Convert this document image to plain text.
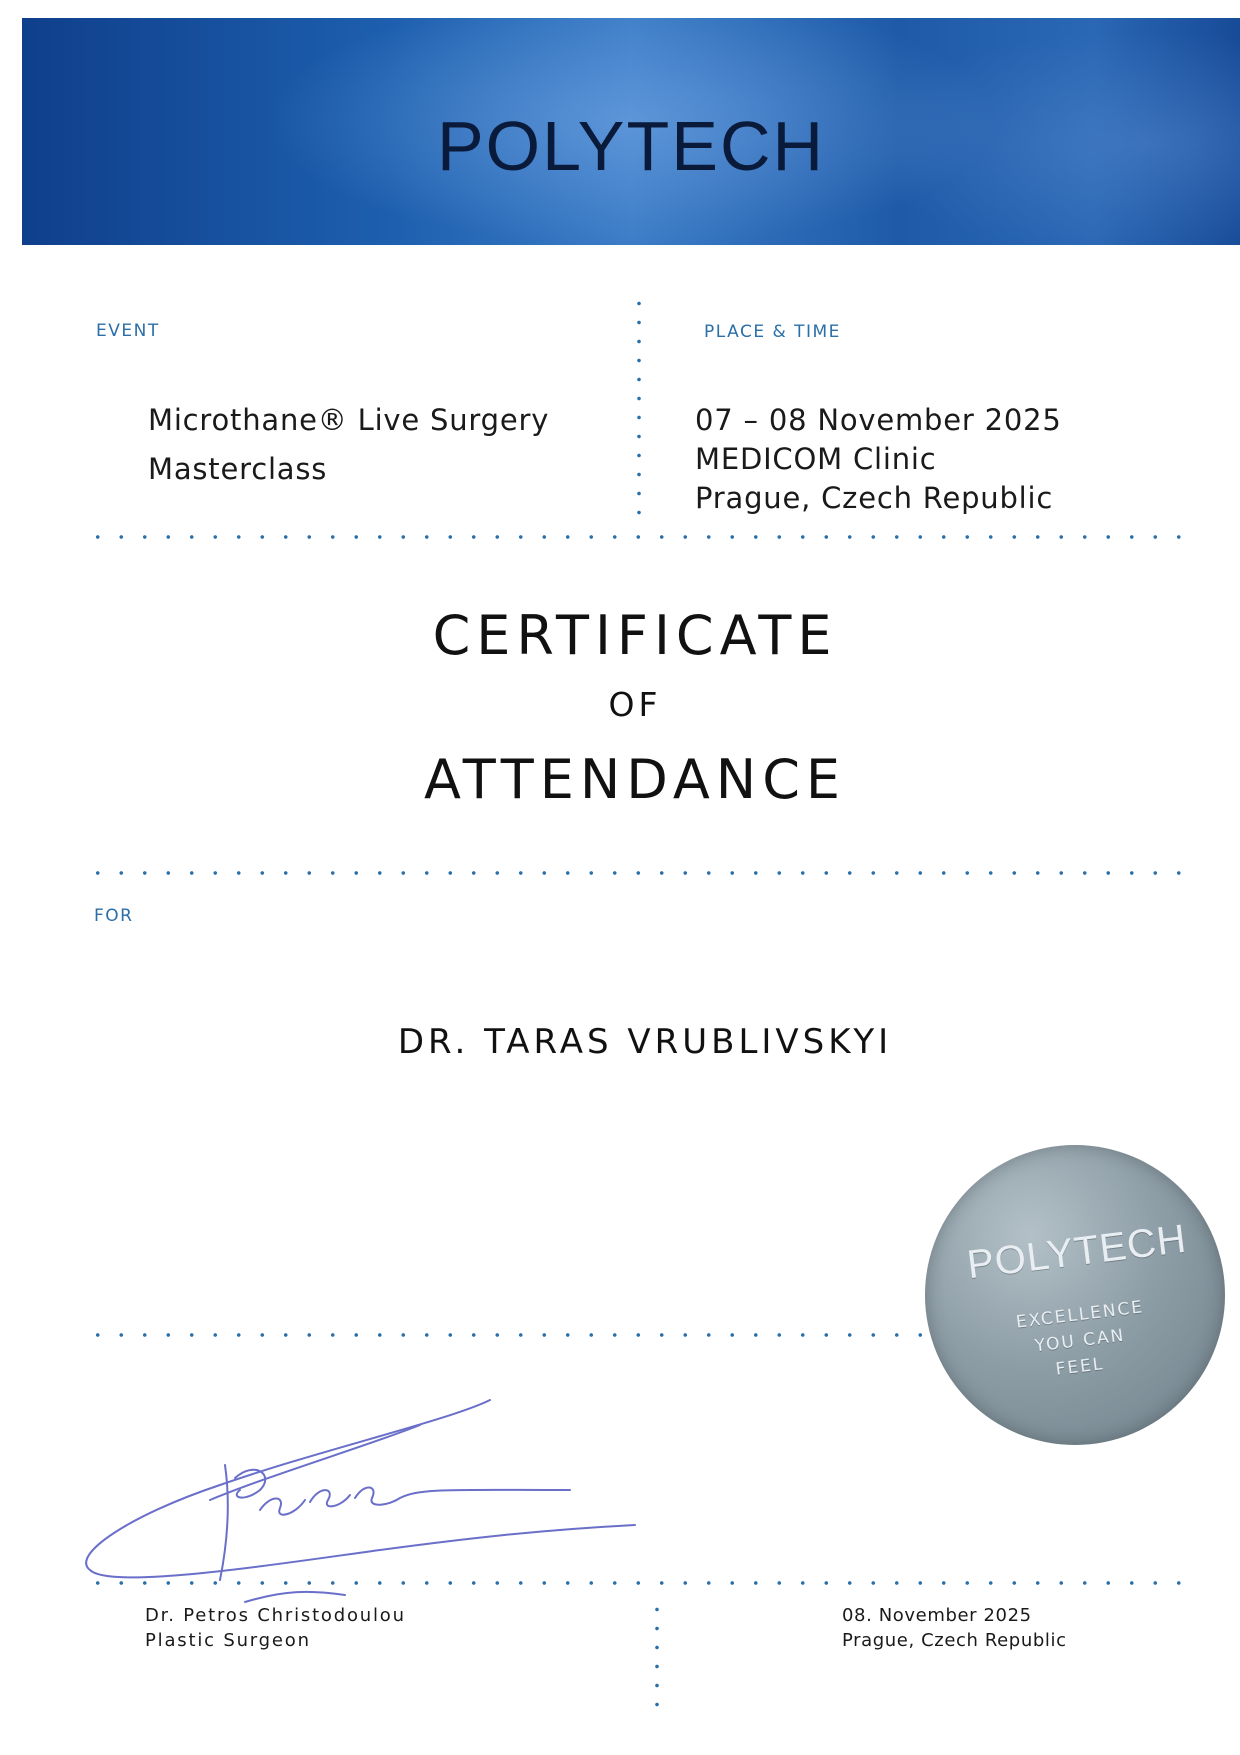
POLYTECH
EVENT
Microthane® Live Surgery
Masterclass
PLACE & TIME
07 – 08 November 2025
MEDICOM Clinic
Prague, Czech Republic
CERTIFICATE
OF
ATTENDANCE
FOR
DR. TARAS VRUBLIVSKYI
POLYTECH
EXCELLENCE
YOU CAN
FEEL
Dr. Petros Christodoulou
Plastic Surgeon
08. November 2025
Prague, Czech Republic
